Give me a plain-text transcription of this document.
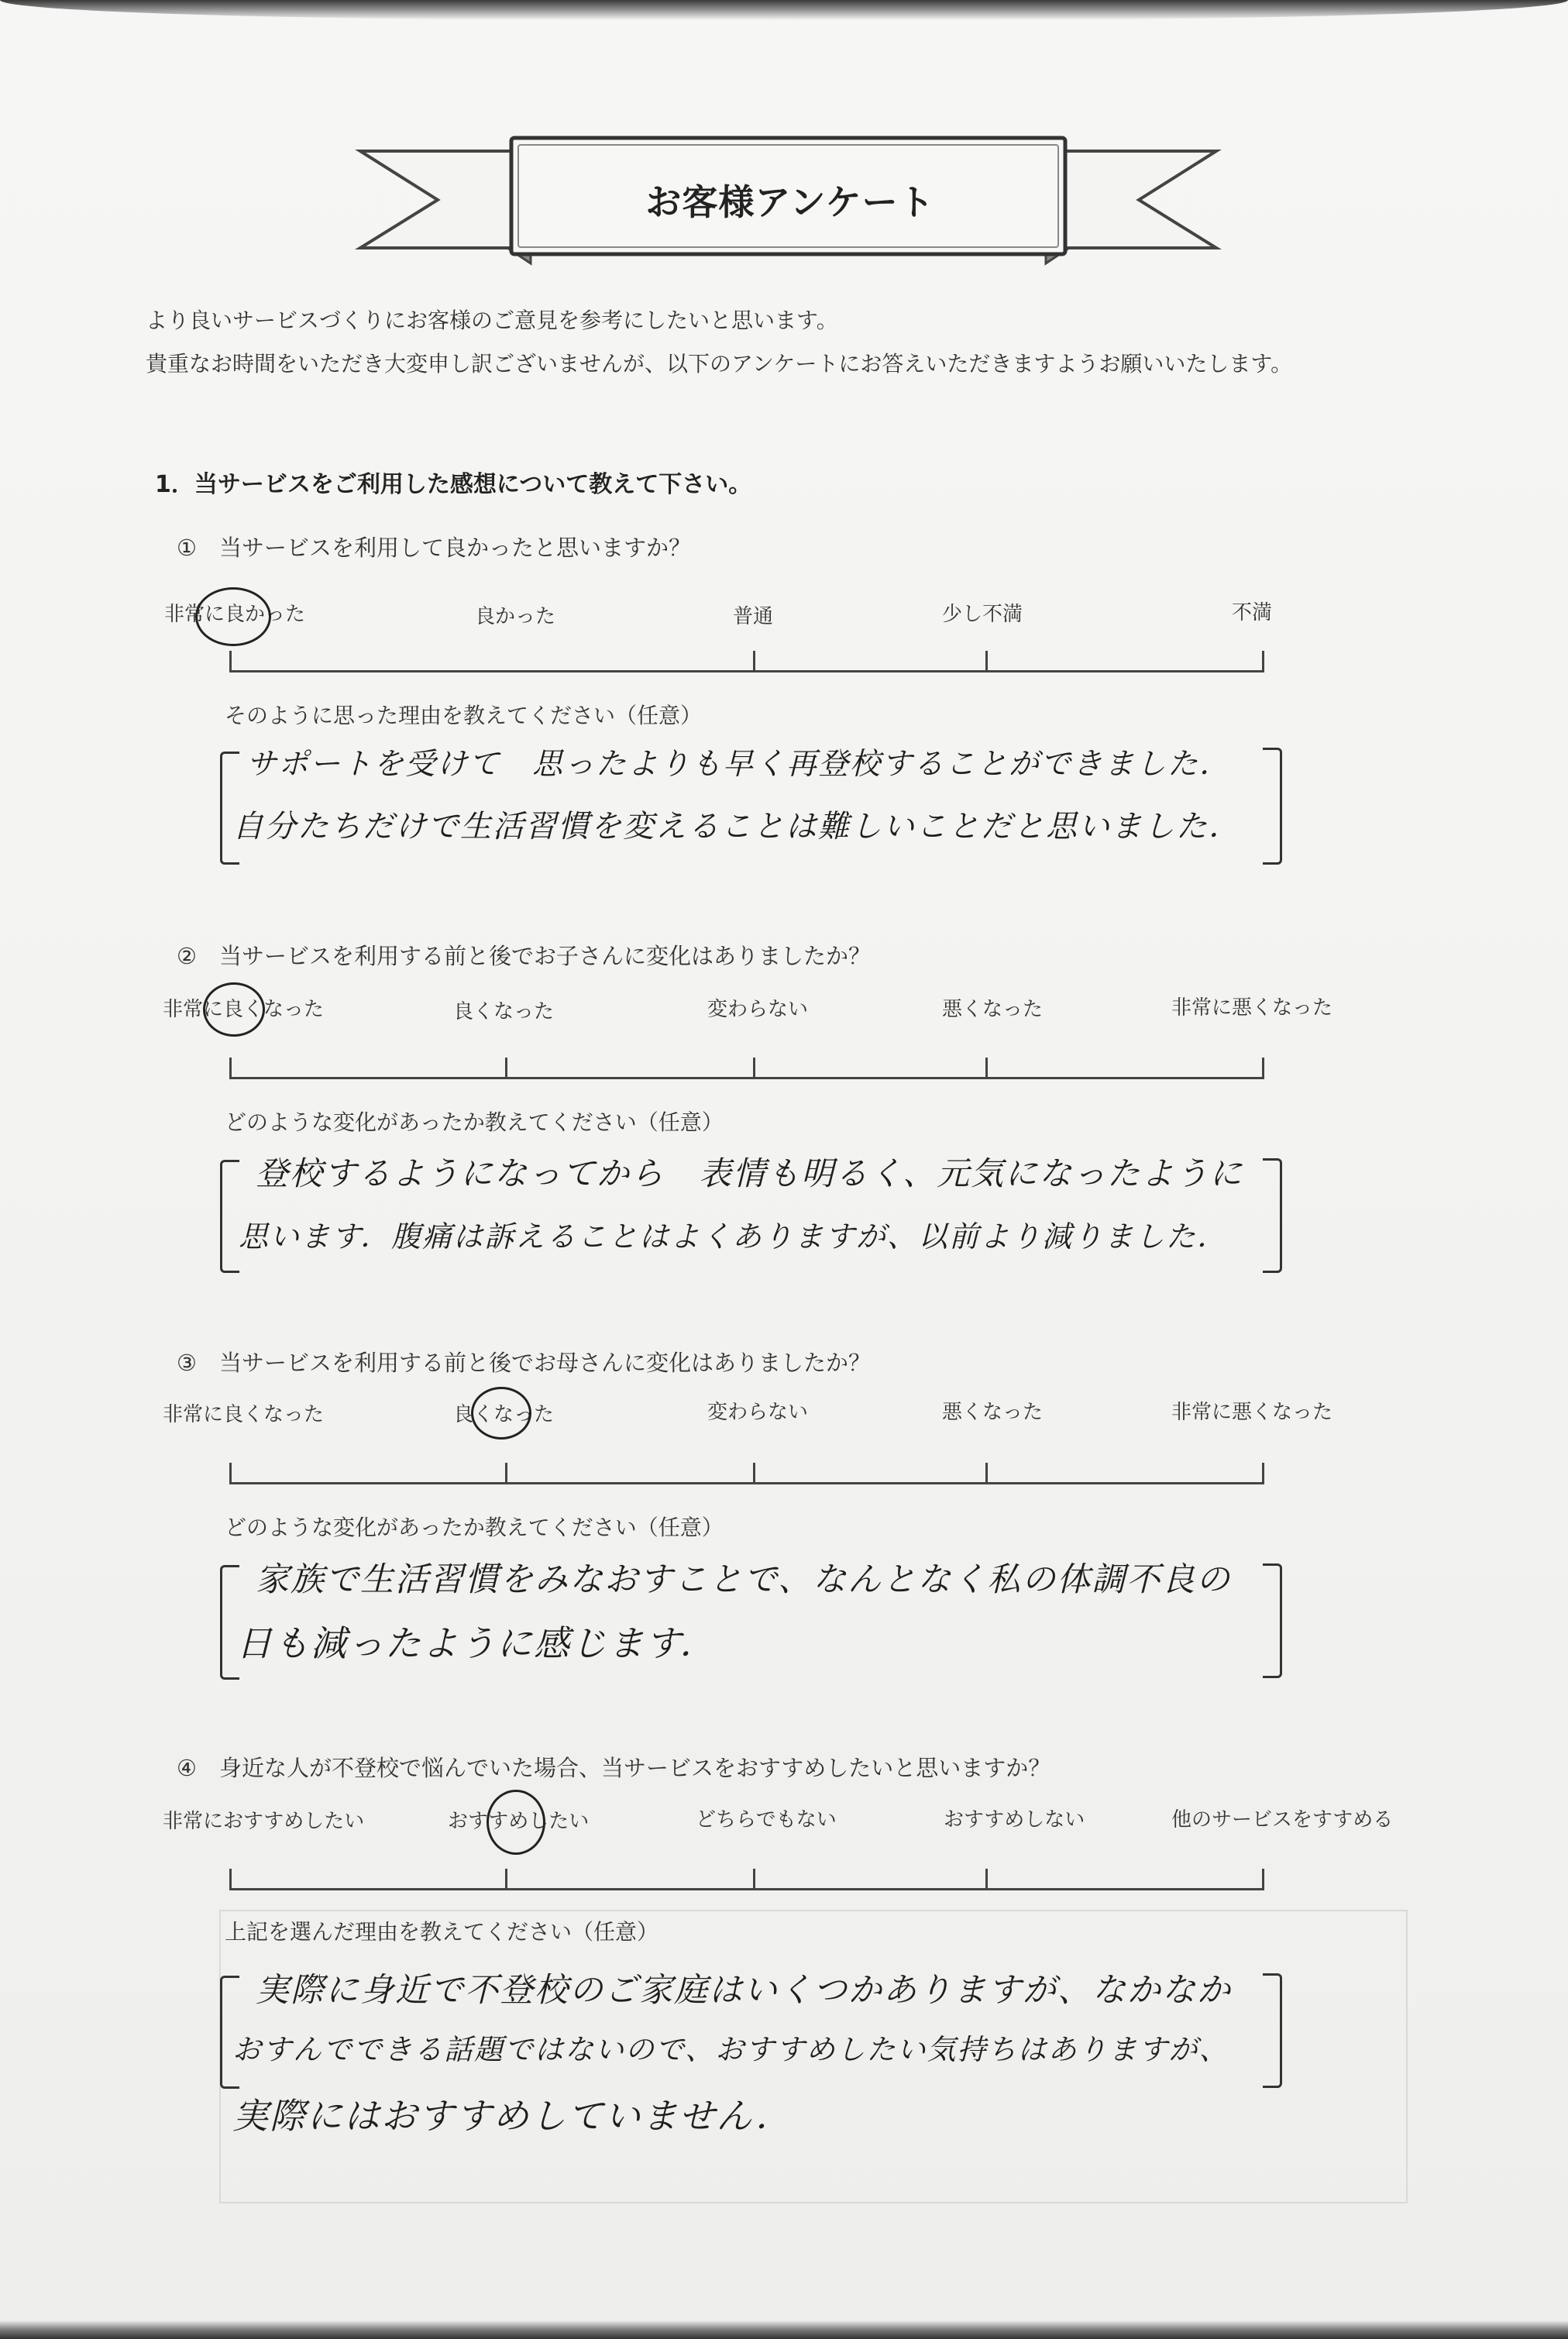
お客様アンケート
より良いサービスづくりにお客様のご意見を参考にしたいと思います。
貴重なお時間をいただき大変申し訳ございませんが、以下のアンケートにお答えいただきますようお願いいたします。
1．当サービスをご利用した感想について教えて下さい。
①　当サービスを利用して良かったと思いますか？
非常に良かった	良かった	普通	少し不満	不満
そのように思った理由を教えてください（任意）
サポートを受けて　思ったよりも早く再登校することができました．
自分たちだけで生活習慣を変えることは難しいことだと思いました．
②　当サービスを利用する前と後でお子さんに変化はありましたか？
非常に良くなった	良くなった	変わらない	悪くなった	非常に悪くなった
どのような変化があったか教えてください（任意）
登校するようになってから　表情も明るく、元気になったように
思います．腹痛は訴えることはよくありますが、以前より減りました．
③　当サービスを利用する前と後でお母さんに変化はありましたか？
非常に良くなった	良くなった	変わらない	悪くなった	非常に悪くなった
どのような変化があったか教えてください（任意）
家族で生活習慣をみなおすことで、なんとなく私の体調不良の
日も減ったように感じます．
④　身近な人が不登校で悩んでいた場合、当サービスをおすすめしたいと思いますか？
非常におすすめしたい	おすすめしたい	どちらでもない	おすすめしない	他のサービスをすすめる
上記を選んだ理由を教えてください（任意）
実際に身近で不登校のご家庭はいくつかありますが、なかなか
おすんでできる話題ではないので、おすすめしたい気持ちはありますが、
実際にはおすすめしていません．
